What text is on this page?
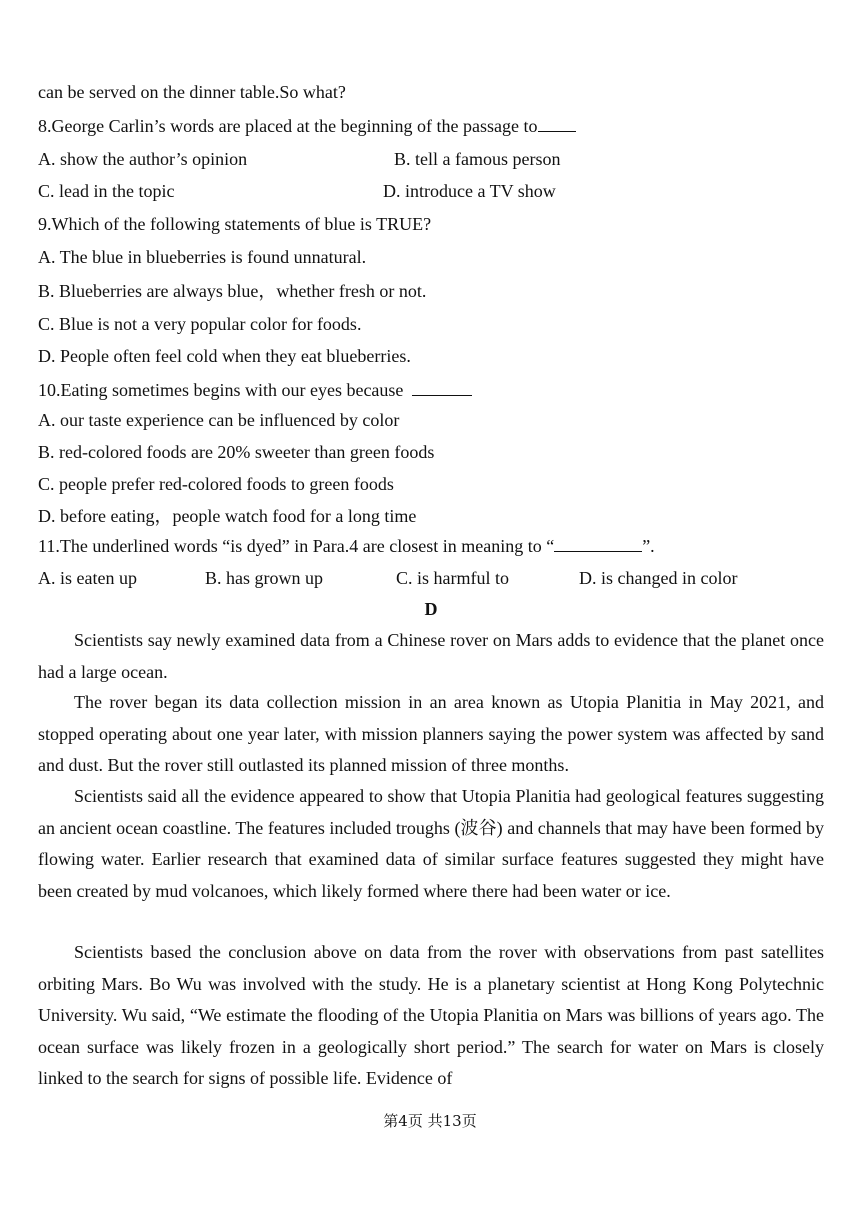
can be served on the dinner table.So what?
8.George Carlin’s words are placed at the beginning of the passage to
A. show the author’s opinion	B. tell a famous person
C. lead in the topic	D. introduce a TV show
9.Which of the following statements of blue is TRUE?
A. The blue in blueberries is found unnatural.
B. Blueberries are always blue，whether fresh or not.
C. Blue is not a very popular color for foods.
D. People often feel cold when they eat blueberries.
10.Eating sometimes begins with our eyes because
A. our taste experience can be influenced by color
B. red-colored foods are 20% sweeter than green foods
C. people prefer red-colored foods to green foods
D. before eating，people watch food for a long time
11.The underlined words “is dyed” in Para.4 are closest in meaning to “	”.
A. is eaten up	B. has grown up	C. is harmful to	D. is changed in color
D
Scientists say newly examined data from a Chinese rover on Mars adds to evidence that the planet once had a large ocean.
The rover began its data collection mission in an area known as Utopia Planitia in May 2021, and stopped operating about one year later, with mission planners saying the power system was affected by sand and dust. But the rover still outlasted its planned mission of three months.
Scientists said all the evidence appeared to show that Utopia Planitia had geological features suggesting an ancient ocean coastline. The features included troughs (波谷) and channels that may have been formed by flowing water. Earlier research that examined data of similar surface features suggested they might have been created by mud volcanoes, which likely formed where there had been water or ice.
Scientists based the conclusion above on data from the rover with observations from past satellites orbiting Mars. Bo Wu was involved with the study. He is a planetary scientist at Hong Kong Polytechnic University. Wu said, “We estimate the flooding of the Utopia Planitia on Mars was billions of years ago. The ocean surface was likely frozen in a geologically short period.” The search for water on Mars is closely linked to the search for signs of possible life. Evidence of
第4页 共13页
